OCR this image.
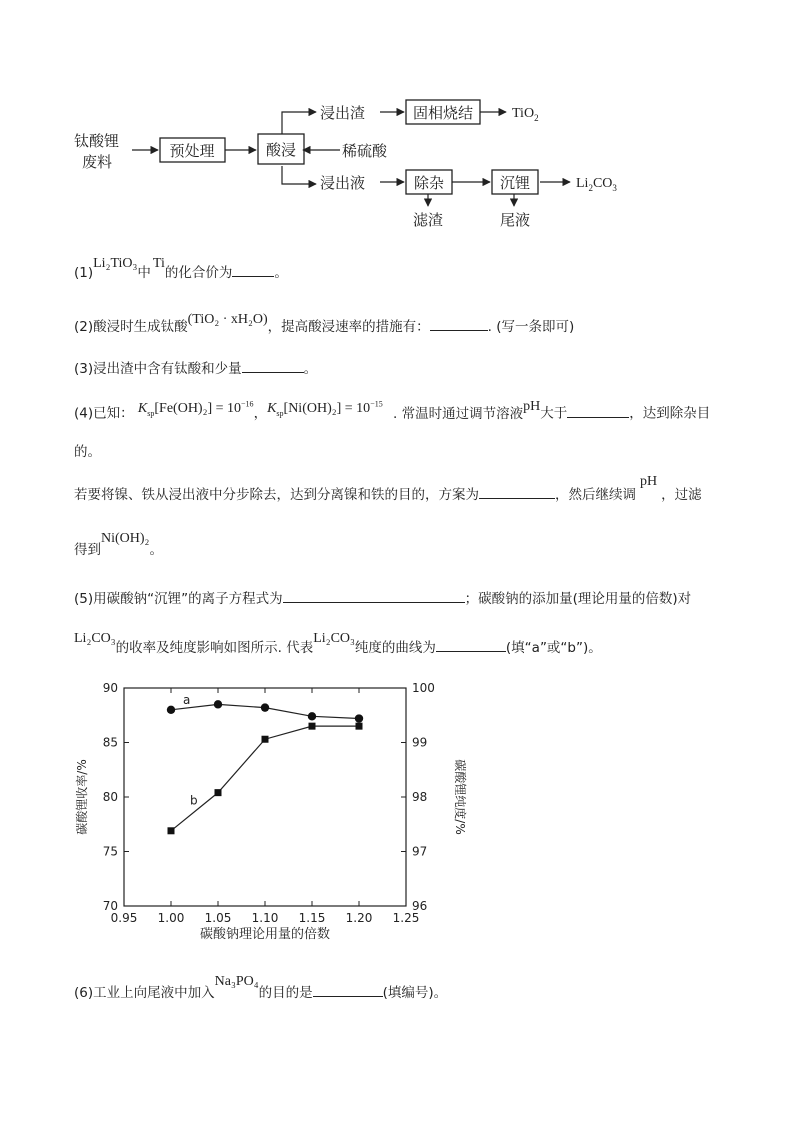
钛酸锂
废料
预处理	酸浸	稀硫酸
浸出渣	固相烧结	TiO$_2$
浸出液	除杂	沉锂	$Li_2CO_3$
滤渣	尾液
(1)Li₂TiO₃中Ti的化合价为	。
(2)酸浸时生成钛酸(TiO₂ · xH₂O)，提高酸浸速率的措施有：	. (写一条即可)
(3)浸出渣中含有钛酸和少量	。
(4)已知： $K_{sp}[Fe(OH)_2] = 10^{-16}$，$K_{sp}[Ni(OH)_2] = 10^{-15}$ . 常温时通过调节溶液pH大于	，达到除杂目
的。
若要将镍、铁从浸出液中分步除去，达到分离镍和铁的目的，方案为	，然后继续调pH，过滤
得到Ni(OH)₂。
(5)用碳酸钠“沉锂”的离子方程式为	；碳酸钠的添加量(理论用量的倍数)对
Li₂CO₃的收率及纯度影响如图所示. 代表Li₂CO₃纯度的曲线为	(填“a”或“b”)。
0.95 1.00 1.05 1.10 1.15 1.20 1.25
70
75
80
85
90
96
97
98
99
100
碳酸钠理论用量的倍数
碳酸锂收率/%	碳酸锂纯度/%
a
b
(6)工业上向尾液中加入Na₃PO₄的目的是	(填编号)。
